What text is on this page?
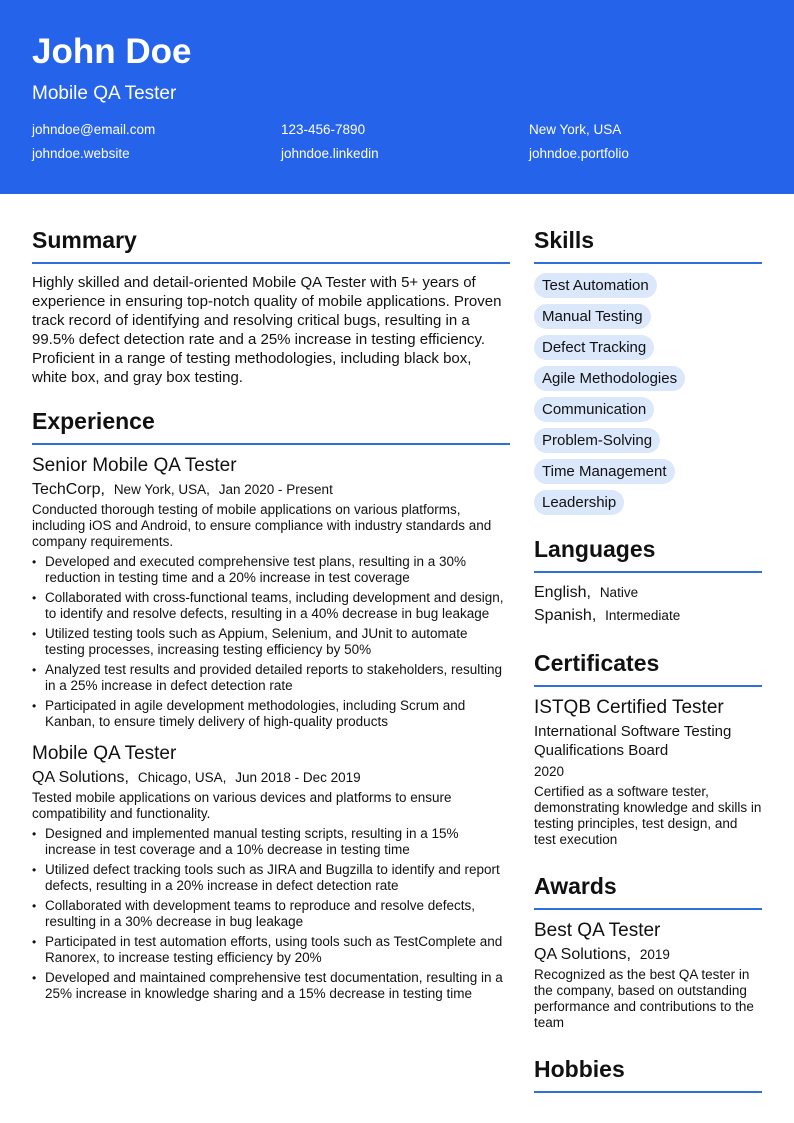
John Doe
Mobile QA Tester
johndoe@email.com	123-456-7890	New York, USA
johndoe.website	johndoe.linkedin	johndoe.portfolio
Summary
Highly skilled and detail-oriented Mobile QA Tester with 5+ years of experience in ensuring top-notch quality of mobile applications. Proven track record of identifying and resolving critical bugs, resulting in a 99.5% defect detection rate and a 25% increase in testing efficiency. Proficient in a range of testing methodologies, including black box, white box, and gray box testing.
Experience
Senior Mobile QA Tester
TechCorp, New York, USA, Jan 2020 - Present
Conducted thorough testing of mobile applications on various platforms, including iOS and Android, to ensure compliance with industry standards and company requirements.
• Developed and executed comprehensive test plans, resulting in a 30% reduction in testing time and a 20% increase in test coverage
• Collaborated with cross-functional teams, including development and design, to identify and resolve defects, resulting in a 40% decrease in bug leakage
• Utilized testing tools such as Appium, Selenium, and JUnit to automate testing processes, increasing testing efficiency by 50%
• Analyzed test results and provided detailed reports to stakeholders, resulting in a 25% increase in defect detection rate
• Participated in agile development methodologies, including Scrum and Kanban, to ensure timely delivery of high-quality products
Mobile QA Tester
QA Solutions, Chicago, USA, Jun 2018 - Dec 2019
Tested mobile applications on various devices and platforms to ensure compatibility and functionality.
• Designed and implemented manual testing scripts, resulting in a 15% increase in test coverage and a 10% decrease in testing time
• Utilized defect tracking tools such as JIRA and Bugzilla to identify and report defects, resulting in a 20% increase in defect detection rate
• Collaborated with development teams to reproduce and resolve defects, resulting in a 30% decrease in bug leakage
• Participated in test automation efforts, using tools such as TestComplete and Ranorex, to increase testing efficiency by 20%
• Developed and maintained comprehensive test documentation, resulting in a 25% increase in knowledge sharing and a 15% decrease in testing time
Skills
Test Automation
Manual Testing
Defect Tracking
Agile Methodologies
Communication
Problem-Solving
Time Management
Leadership
Languages
English, Native
Spanish, Intermediate
Certificates
ISTQB Certified Tester
International Software Testing Qualifications Board
2020
Certified as a software tester, demonstrating knowledge and skills in testing principles, test design, and test execution
Awards
Best QA Tester
QA Solutions, 2019
Recognized as the best QA tester in the company, based on outstanding performance and contributions to the team
Hobbies
